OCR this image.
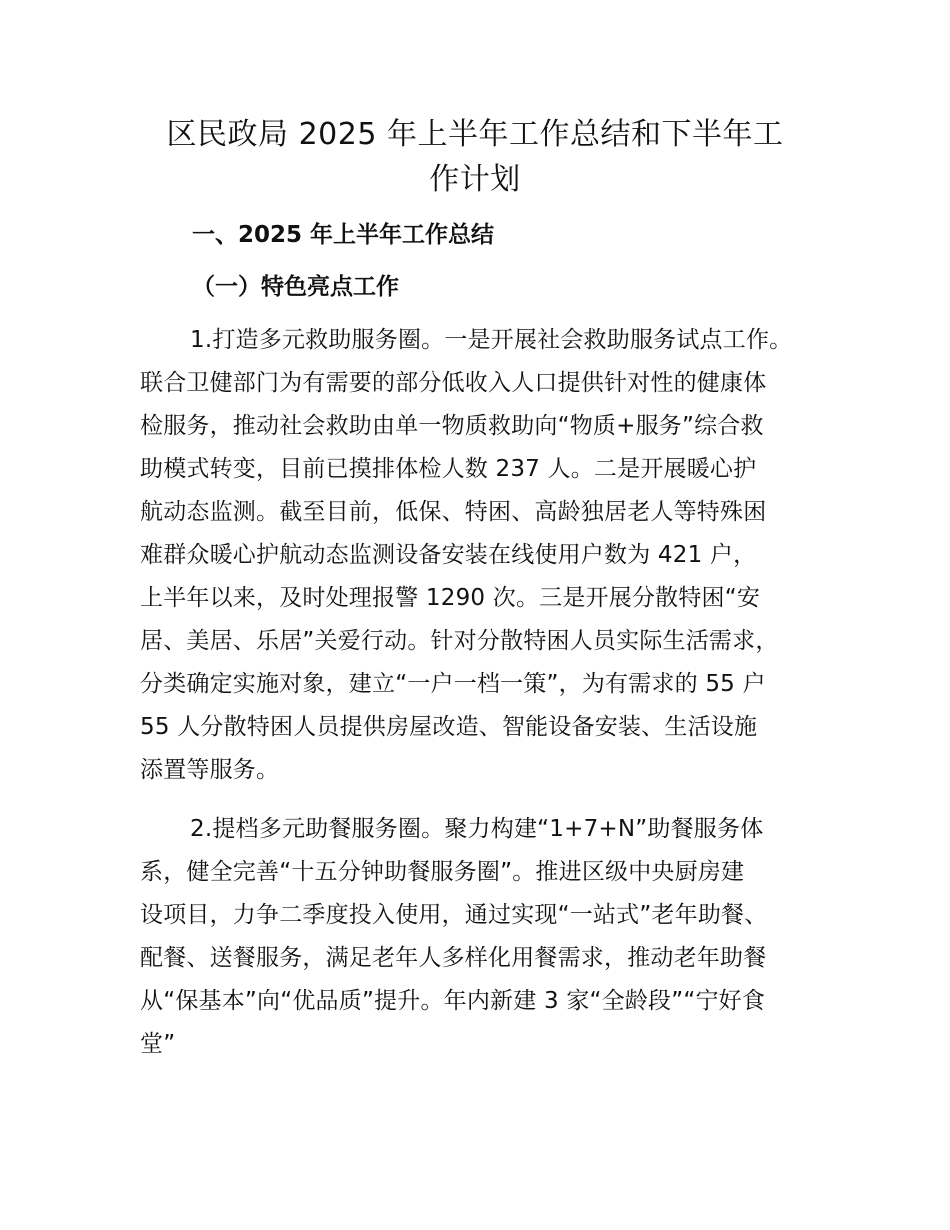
区民政局 2025 年上半年工作总结和下半年工
作计划
一、2025 年上半年工作总结
（一）特色亮点工作
1.打造多元救助服务圈。一是开展社会救助服务试点工作。
联合卫健部门为有需要的部分低收入人口提供针对性的健康体
检服务，推动社会救助由单一物质救助向“物质+服务”综合救
助模式转变，目前已摸排体检人数 237 人。二是开展暖心护
航动态监测。截至目前，低保、特困、高龄独居老人等特殊困
难群众暖心护航动态监测设备安装在线使用户数为 421 户，
上半年以来，及时处理报警 1290 次。三是开展分散特困“安
居、美居、乐居”关爱行动。针对分散特困人员实际生活需求，
分类确定实施对象，建立“一户一档一策”，为有需求的 55 户
55 人分散特困人员提供房屋改造、智能设备安装、生活设施
添置等服务。
2.提档多元助餐服务圈。聚力构建“1+7+N”助餐服务体
系，健全完善“十五分钟助餐服务圈”。推进区级中央厨房建
设项目，力争二季度投入使用，通过实现“一站式”老年助餐、
配餐、送餐服务，满足老年人多样化用餐需求，推动老年助餐
从“保基本”向“优品质”提升。年内新建 3 家“全龄段”“宁好食
堂”
